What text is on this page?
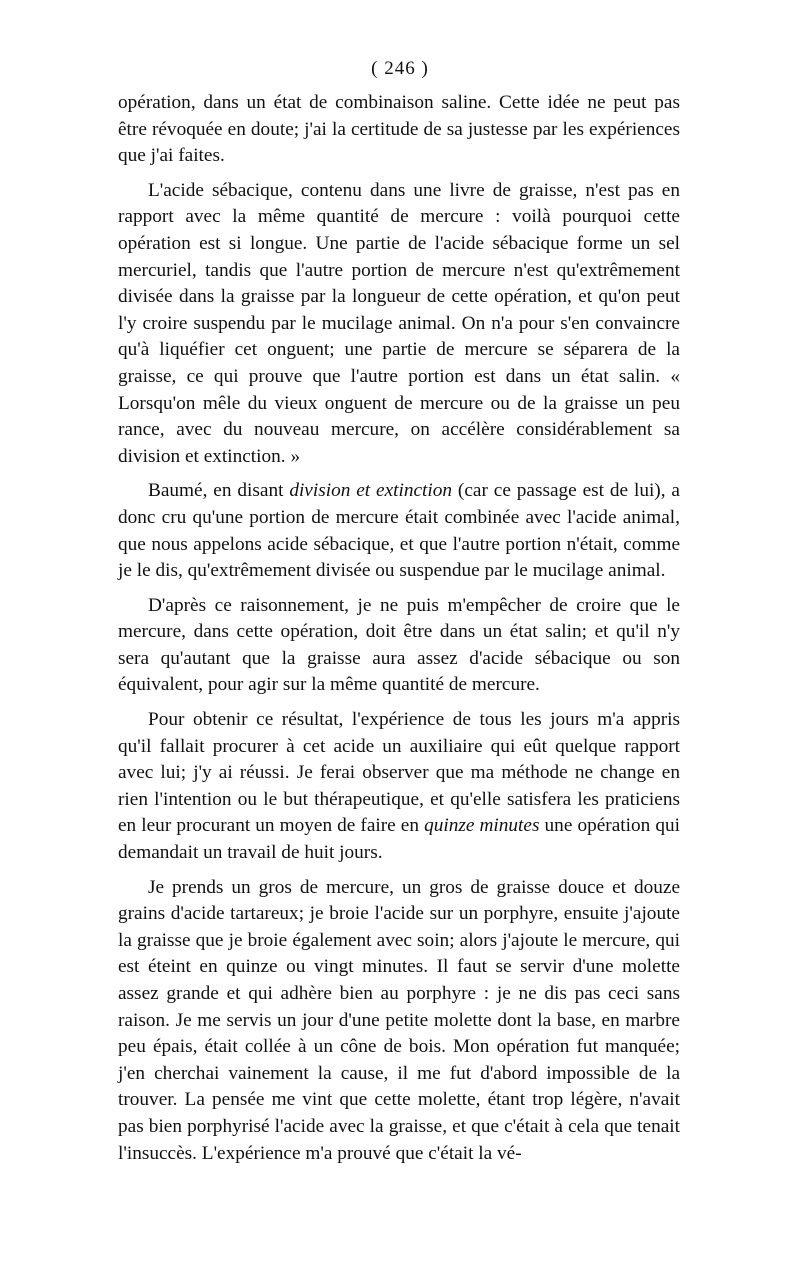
( 246 )

opération, dans un état de combinaison saline. Cette idée ne peut pas être révoquée en doute; j'ai la certitude de sa justesse par les expériences que j'ai faites.

L'acide sébacique, contenu dans une livre de graisse, n'est pas en rapport avec la même quantité de mercure : voilà pourquoi cette opération est si longue. Une partie de l'acide sébacique forme un sel mercuriel, tandis que l'autre portion de mercure n'est qu'extrêmement divisée dans la graisse par la longueur de cette opération, et qu'on peut l'y croire suspendu par le mucilage animal. On n'a pour s'en convaincre qu'à liquéfier cet onguent; une partie de mercure se séparera de la graisse, ce qui prouve que l'autre portion est dans un état salin. « Lorsqu'on mêle du vieux onguent de mercure ou de la graisse un peu rance, avec du nouveau mercure, on accélère considérablement sa division et extinction. »

Baumé, en disant division et extinction (car ce passage est de lui), a donc cru qu'une portion de mercure était combinée avec l'acide animal, que nous appelons acide sébacique, et que l'autre portion n'était, comme je le dis, qu'extrêmement divisée ou suspendue par le mucilage animal.

D'après ce raisonnement, je ne puis m'empêcher de croire que le mercure, dans cette opération, doit être dans un état salin; et qu'il n'y sera qu'autant que la graisse aura assez d'acide sébacique ou son équivalent, pour agir sur la même quantité de mercure.

Pour obtenir ce résultat, l'expérience de tous les jours m'a appris qu'il fallait procurer à cet acide un auxiliaire qui eût quelque rapport avec lui; j'y ai réussi. Je ferai observer que ma méthode ne change en rien l'intention ou le but thérapeutique, et qu'elle satisfera les praticiens en leur procurant un moyen de faire en quinze minutes une opération qui demandait un travail de huit jours.

Je prends un gros de mercure, un gros de graisse douce et douze grains d'acide tartareux; je broie l'acide sur un porphyre, ensuite j'ajoute la graisse que je broie également avec soin; alors j'ajoute le mercure, qui est éteint en quinze ou vingt minutes. Il faut se servir d'une molette assez grande et qui adhère bien au porphyre : je ne dis pas ceci sans raison. Je me servis un jour d'une petite molette dont la base, en marbre peu épais, était collée à un cône de bois. Mon opération fut manquée; j'en cherchai vainement la cause, il me fut d'abord impossible de la trouver. La pensée me vint que cette molette, étant trop légère, n'avait pas bien porphyrisé l'acide avec la graisse, et que c'était à cela que tenait l'insuccès. L'expérience m'a prouvé que c'était la vé-
